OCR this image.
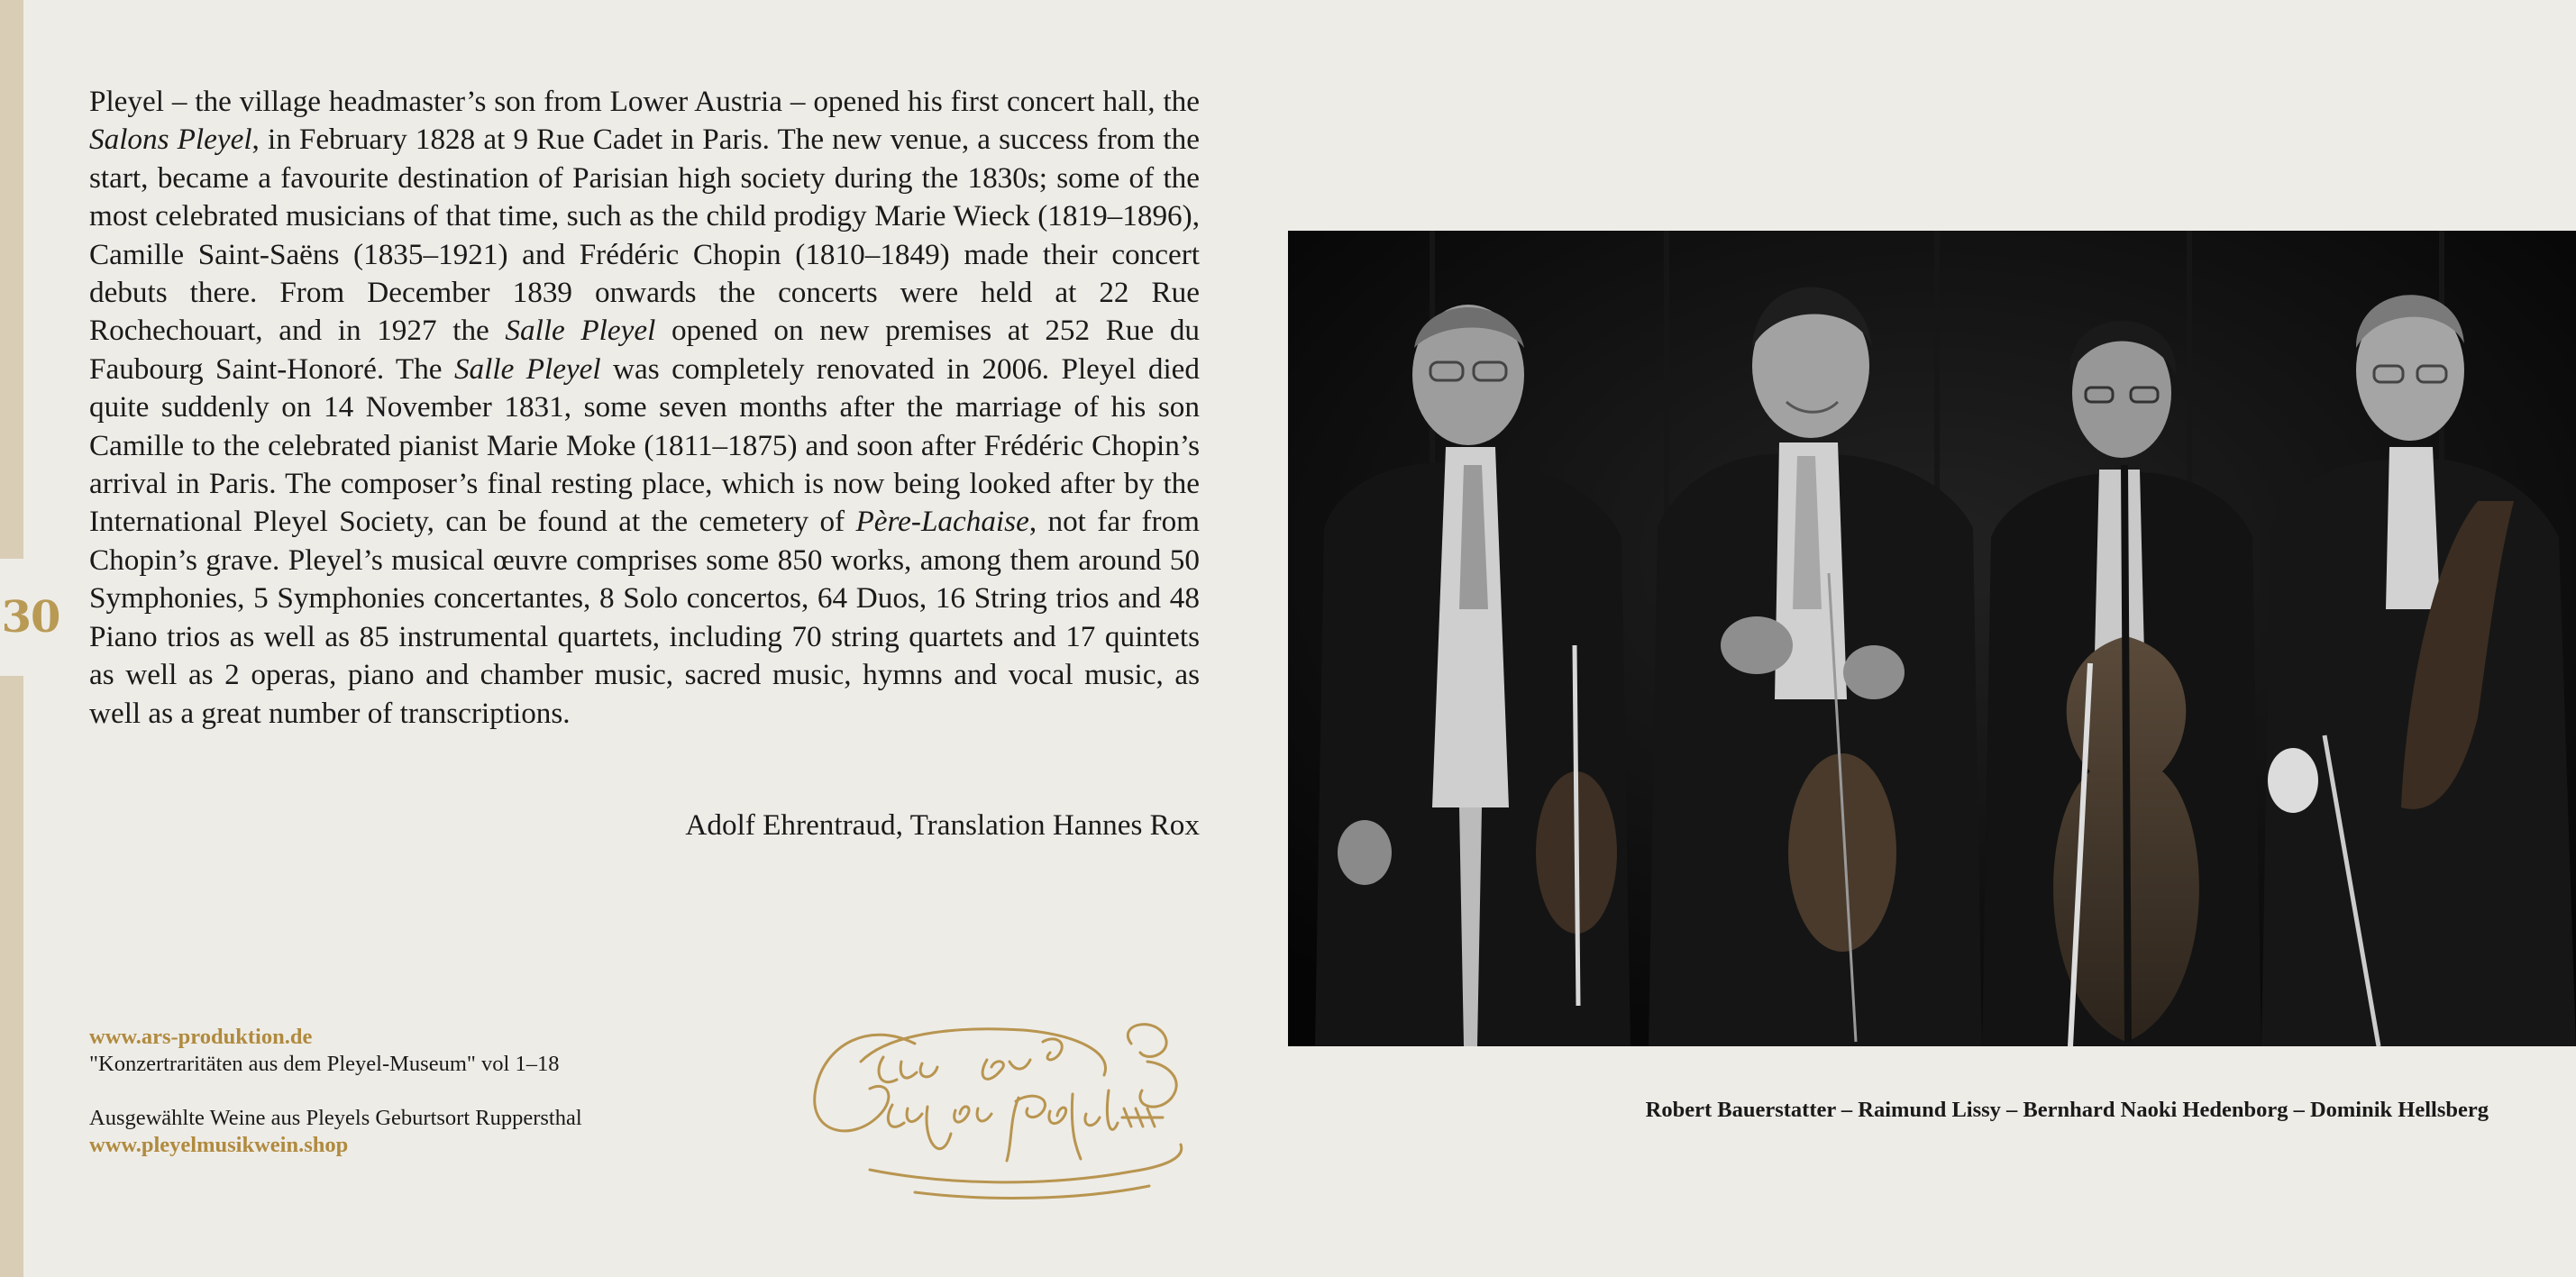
30

Pleyel – the village headmaster’s son from Lower Austria – opened his first concert hall, the Salons Pleyel, in February 1828 at 9 Rue Cadet in Paris. The new venue, a success from the start, became a favourite destination of Parisian high society during the 1830s; some of the most celebrated musicians of that time, such as the child prodigy Marie Wieck (1819–1896), Camille Saint-Saëns (1835–1921) and Frédéric Chopin (1810–1849) made their concert debuts there. From December 1839 onwards the concerts were held at 22 Rue Rochechouart, and in 1927 the Salle Pleyel opened on new premises at 252 Rue du Faubourg Saint-Honoré. The Salle Pleyel was completely renovated in 2006. Pleyel died quite suddenly on 14 November 1831, some seven months after the marriage of his son Camille to the celebrated pianist Marie Moke (1811–1875) and soon after Frédéric Chopin’s arrival in Paris. The composer’s final resting place, which is now being looked after by the International Pleyel Society, can be found at the cemetery of Père-Lachaise, not far from Chopin’s grave. Pleyel’s musical œuvre comprises some 850 works, among them around 50 Symphonies, 5 Symphonies concertantes, 8 Solo concertos, 64 Duos, 16 String trios and 48 Piano trios as well as 85 instrumental quartets, including 70 string quartets and 17 quintets as well as 2 operas, piano and chamber music, sacred music, hymns and vocal music, as well as a great number of transcriptions.

Adolf Ehrentraud, Translation Hannes Rox
www.ars-produktion.de
"Konzertraritäten aus dem Pleyel-Museum" vol 1–18
Ausgewählte Weine aus Pleyels Geburtsort Ruppersthal
www.pleyelmusikwein.shop
Ignazio Pleyel
Robert Bauerstatter – Raimund Lissy – Bernhard Naoki Hedenborg – Dominik Hellsberg
